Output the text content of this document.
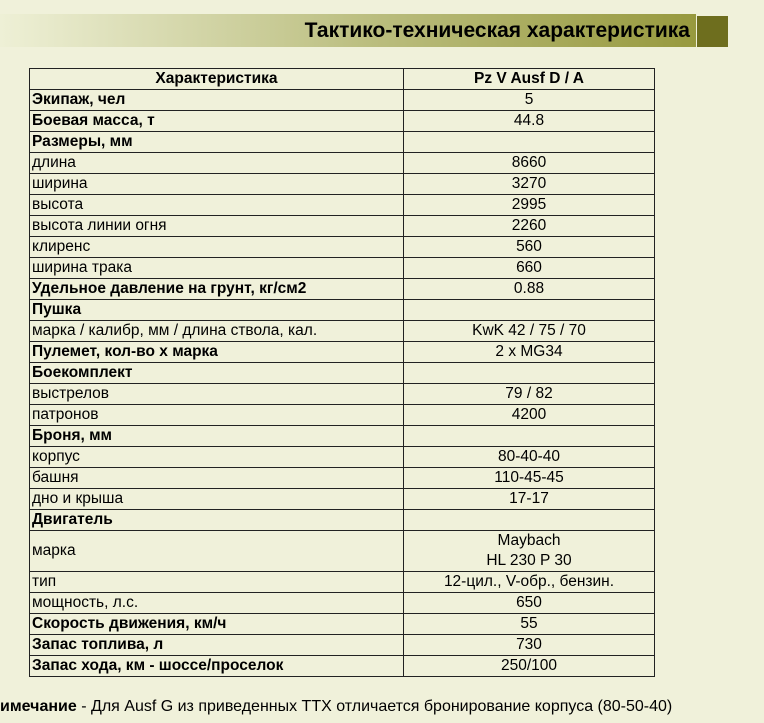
Тактико-техническая характеристика
Характеристика	Pz V Ausf D / A
Экипаж, чел	5
Боевая масса, т	44.8
Размеры, мм	
длина	8660
ширина	3270
высота	2995
высота линии огня	2260
клиренс	560
ширина трака	660
Удельное давление на грунт, кг/см2	0.88
Пушка	
марка / калибр, мм / длина ствола, кал.	KwK 42 / 75 / 70
Пулемет, кол-во x марка	2 x MG34
Боекомплект	
выстрелов	79 / 82
патронов	4200
Броня, мм	
корпус	80-40-40
башня	110-45-45
дно и крыша	17-17
Двигатель	
марка	Maybach
HL 230 P 30
тип	12-цил., V-обр., бензин.
мощность, л.с.	650
Скорость движения, км/ч	55
Запас топлива, л	730
Запас хода, км - шоссе/проселок	250/100
имечание - Для Ausf G из приведенных ТТХ отличается бронирование корпуса (80-50-40)
